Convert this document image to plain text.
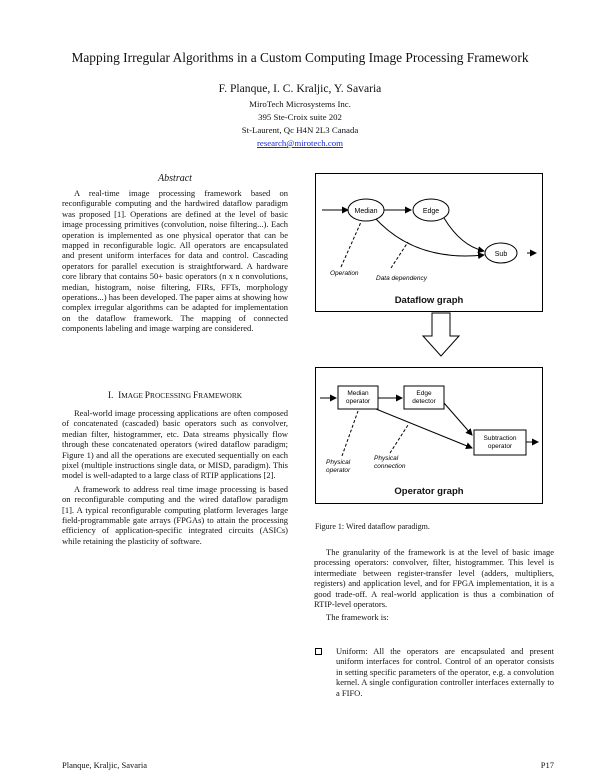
Mapping Irregular Algorithms in a Custom Computing Image Processing Framework
F. Planque, I. C. Kraljic, Y. Savaria
MiroTech Microsystems Inc.
395 Ste-Croix suite 202
St-Laurent, Qc H4N 2L3 Canada
research@mirotech.com
Abstract

A real-time image processing framework based on reconfigurable computing and the hardwired dataflow paradigm was proposed [1]. Operations are defined at the level of basic image processing primitives (convolution, noise filtering...). Each operation is implemented as one physical operator that can be mapped in reconfigurable logic. All operators are encapsulated and present uniform interfaces for data and control. Cascading operators for parallel execution is straightforward. A hardware core library that contains 50+ basic operators (n x n convolutions, median, histogram, noise filtering, FIRs, FFTs, morphology operations...) has been developed. The paper aims at showing how complex irregular algorithms can be adapted for implementation on the dataflow framework. The mapping of connected components labeling and image warping are considered.

I. IMAGE PROCESSING FRAMEWORK

Real-world image processing applications are often composed of concatenated (cascaded) basic operators such as convolver, median filter, histogrammer, etc. Data streams physically flow through these concatenated operators (wired dataflow paradigm; Figure 1) and all the operations are executed sequentially on each pixel (multiple instructions single data, or MISD, paradigm). This model is well-adapted to a large class of RTIP applications [2].

A framework to address real time image processing is based on reconfigurable computing and the wired dataflow paradigm [1]. A typical reconfigurable computing platform leverages large field-programmable gate arrays (FPGAs) to attain the processing efficiency of application-specific integrated circuits (ASICs) while retaining the plasticity of software.

Median	Edge
Sub
Operation
Data dependency
Dataflow graph
Median
operator
Edge
detector
Subtraction
operator
Physical
operator
Physical
connection
Operator graph
Figure 1: Wired dataflow paradigm.

The granularity of the framework is at the level of basic image processing operators: convolver, filter, histogrammer. This level is intermediate between register-transfer level (adders, multipliers, registers) and application level, and for FPGA implementation, it is a good trade-off. A real-world application is thus a combination of RTIP-level operators.

The framework is:

Uniform: All the operators are encapsulated and present uniform interfaces for control. Control of an operator consists in setting specific parameters of the operator, e.g. a convolution kernel. A single configuration controller interfaces externally to a FIFO.
Planque, Kraljic, Savaria	P17
